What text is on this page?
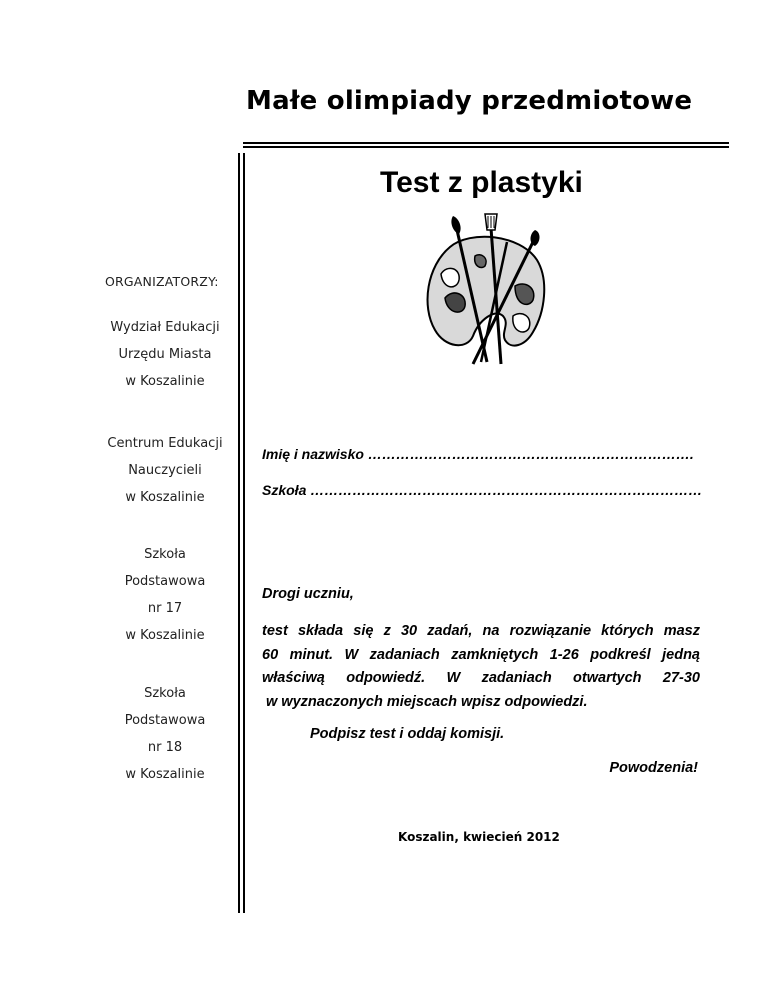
Małe olimpiady przedmiotowe
Test z plastyki
ORGANIZATORZY:
Wydział Edukacji
Urzędu Miasta
w Koszalinie
Centrum Edukacji
Nauczycieli
w Koszalinie
Szkoła
Podstawowa
nr 17
w Koszalinie
Szkoła
Podstawowa
nr 18
w Koszalinie
Imię i nazwisko …………………………………………………………….
Szkoła …………………………………………………………………………
Drogi uczniu,
test składa się z 30 zadań, na rozwiązanie których masz
60 minut. W zadaniach zamkniętych 1-26 podkreśl jedną
właściwą odpowiedź. W zadaniach otwartych 27-30
w wyznaczonych miejscach wpisz odpowiedzi.
Podpisz test i oddaj komisji.
Powodzenia!
Koszalin, kwiecień 2012
